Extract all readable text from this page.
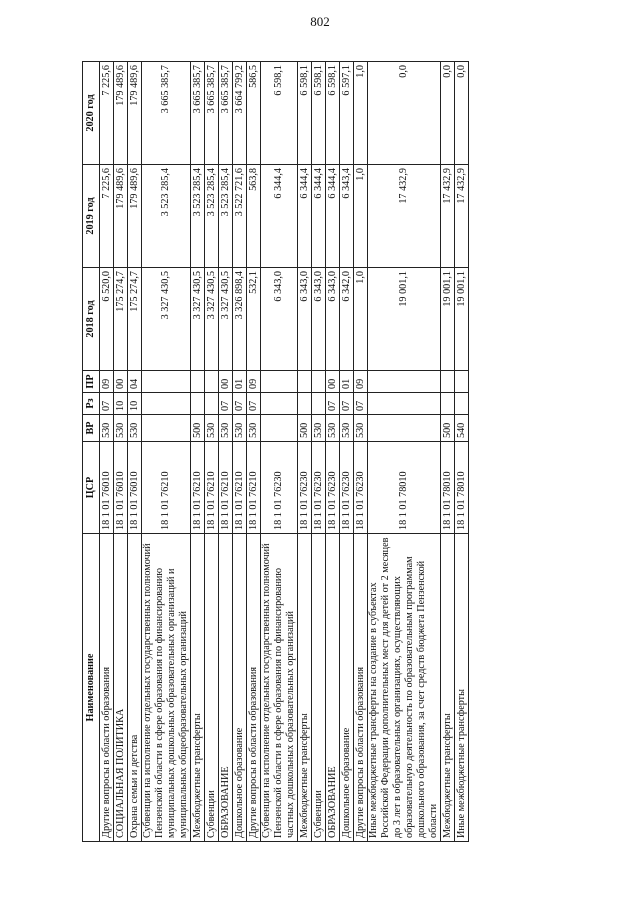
802
Наименование	ЦСР	ВР	Рз	ПР	2018 год	2019 год	2020 год
Другие вопросы в области образования	18 1 01 76010	530	07	09	6 520,0	7 225,6	7 225,6
СОЦИАЛЬНАЯ ПОЛИТИКА	18 1 01 76010	530	10	00	175 274,7	179 489,6	179 489,6
Охрана семьи и детства	18 1 01 76010	530	10	04	175 274,7	179 489,6	179 489,6
Субвенции на исполнение отдельных государственных полномочий Пензенской области в сфере образования по финансированию муниципальных дошкольных образовательных организаций и муниципальных общеобразовательных организаций	18 1 01 76210				3 327 430,5	3 523 285,4	3 665 385,7
Межбюджетные трансферты	18 1 01 76210	500			3 327 430,5	3 523 285,4	3 665 385,7
Субвенции	18 1 01 76210	530			3 327 430,5	3 523 285,4	3 665 385,7
ОБРАЗОВАНИЕ	18 1 01 76210	530	07	00	3 327 430,5	3 523 285,4	3 665 385,7
Дошкольное образование	18 1 01 76210	530	07	01	3 326 898,4	3 522 721,6	3 664 799,2
Другие вопросы в области образования	18 1 01 76210	530	07	09	532,1	563,8	586,5
Субвенции на исполнение отдельных государственных полномочий Пензенской области в сфере образования по финансированию частных дошкольных образовательных организаций	18 1 01 76230				6 343,0	6 344,4	6 598,1
Межбюджетные трансферты	18 1 01 76230	500			6 343,0	6 344,4	6 598,1
Субвенции	18 1 01 76230	530			6 343,0	6 344,4	6 598,1
ОБРАЗОВАНИЕ	18 1 01 76230	530	07	00	6 343,0	6 344,4	6 598,1
Дошкольное образование	18 1 01 76230	530	07	01	6 342,0	6 343,4	6 597,1
Другие вопросы в области образования	18 1 01 76230	530	07	09	1,0	1,0	1,0
Иные межбюджетные трансферты на создание в субъектах Российской Федерации дополнительных мест для детей от 2 месяцев до 3 лет в образовательных организациях, осуществляющих образовательную деятельность по образовательным программам дошкольного образования, за счет средств бюджета Пензенской области	18 1 01 78010				19 001,1	17 432,9	0,0
Межбюджетные трансферты	18 1 01 78010	500			19 001,1	17 432,9	0,0
Иные межбюджетные трансферты	18 1 01 78010	540			19 001,1	17 432,9	0,0
